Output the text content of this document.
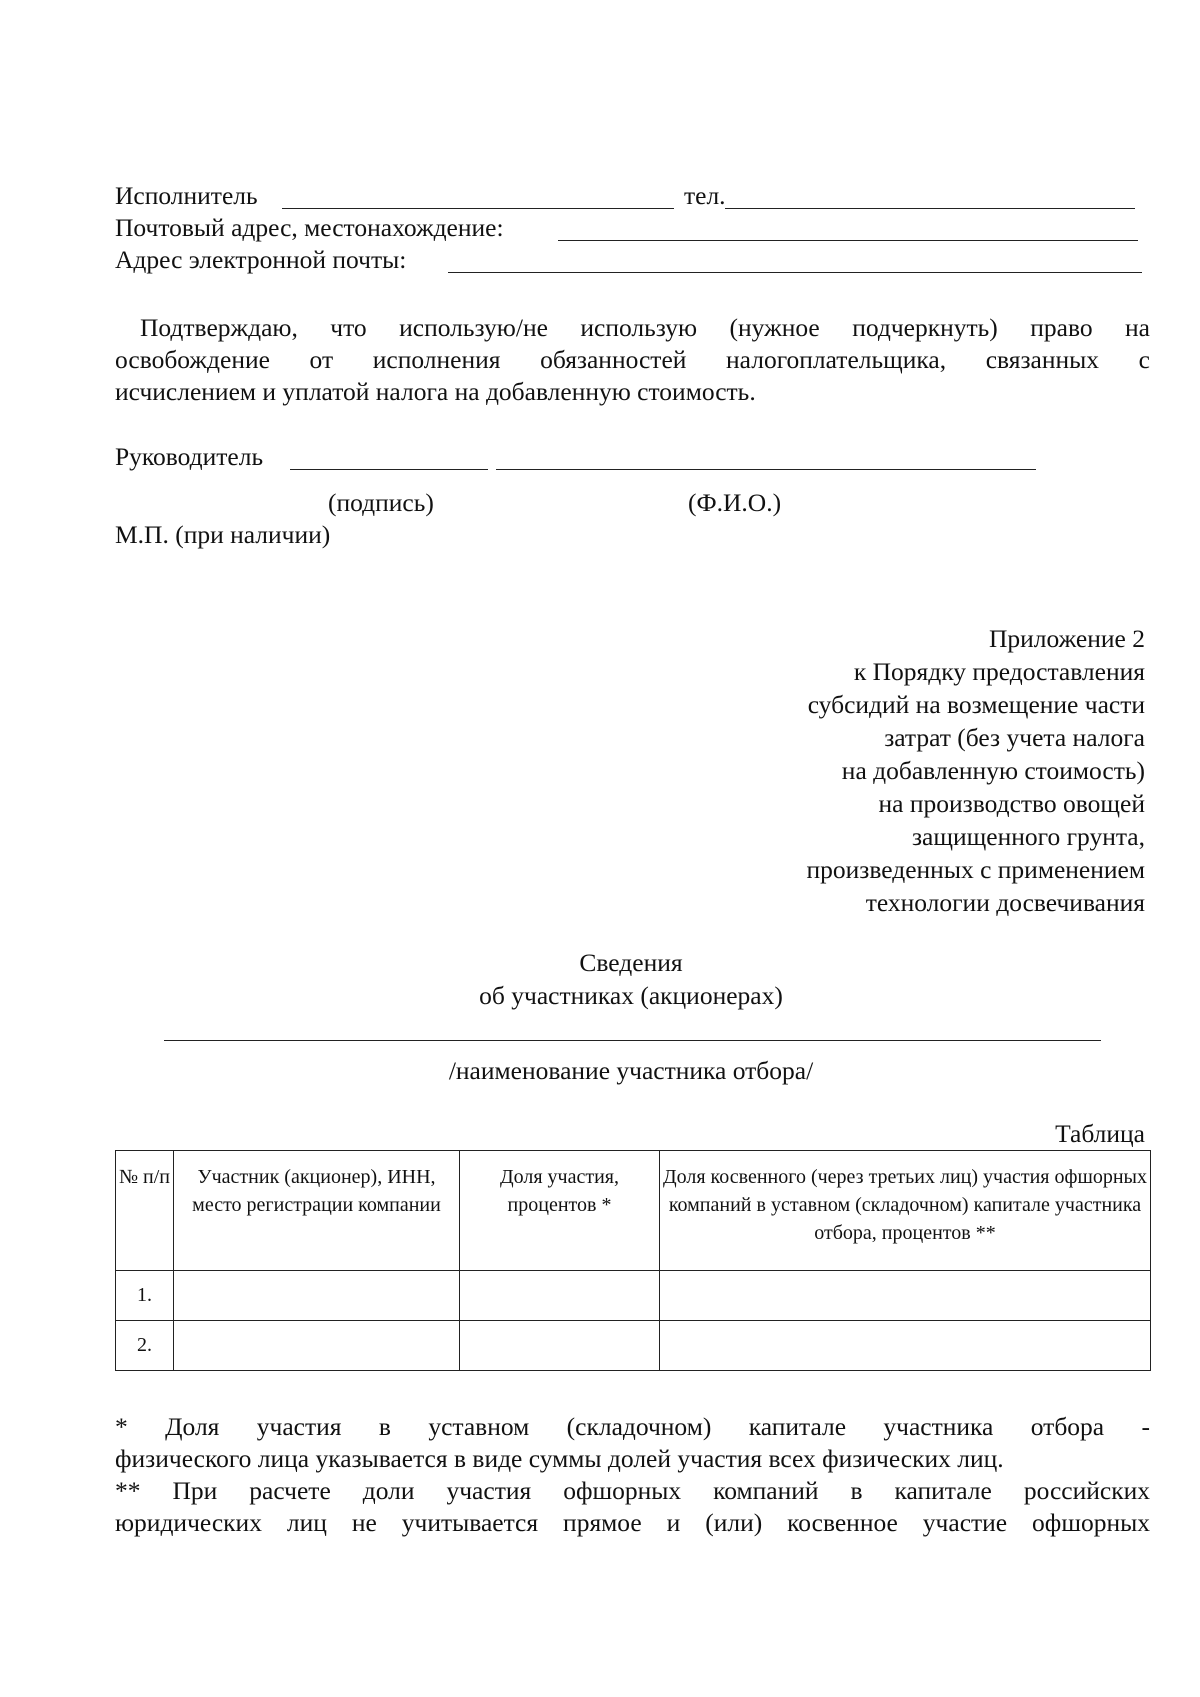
Исполнитель	тел.
Почтовый адрес, местонахождение:
Адрес электронной почты:
Подтверждаю, что использую/не использую (нужное подчеркнуть) право на
освобождение от исполнения обязанностей налогоплательщика, связанных с
исчислением и уплатой налога на добавленную стоимость.
Руководитель
(подпись)	(Ф.И.О.)
М.П. (при наличии)
Приложение 2
к Порядку предоставления
субсидий на возмещение части
затрат (без учета налога
на добавленную стоимость)
на производство овощей
защищенного грунта,
произведенных с применением
технологии досвечивания
Сведения
об участниках (акционерах)
/наименование участника отбора/
Таблица
№ п/п	Участник (акционер), ИНН, место регистрации компании	Доля участия, процентов *	Доля косвенного (через третьих лиц) участия офшорных компаний в уставном (складочном) капитале участника отбора, процентов **
1.			
2.			
* Доля участия в уставном (складочном) капитале участника отбора -
физического лица указывается в виде суммы долей участия всех физических лиц.
** При расчете доли участия офшорных компаний в капитале российских
юридических лиц не учитывается прямое и (или) косвенное участие офшорных
